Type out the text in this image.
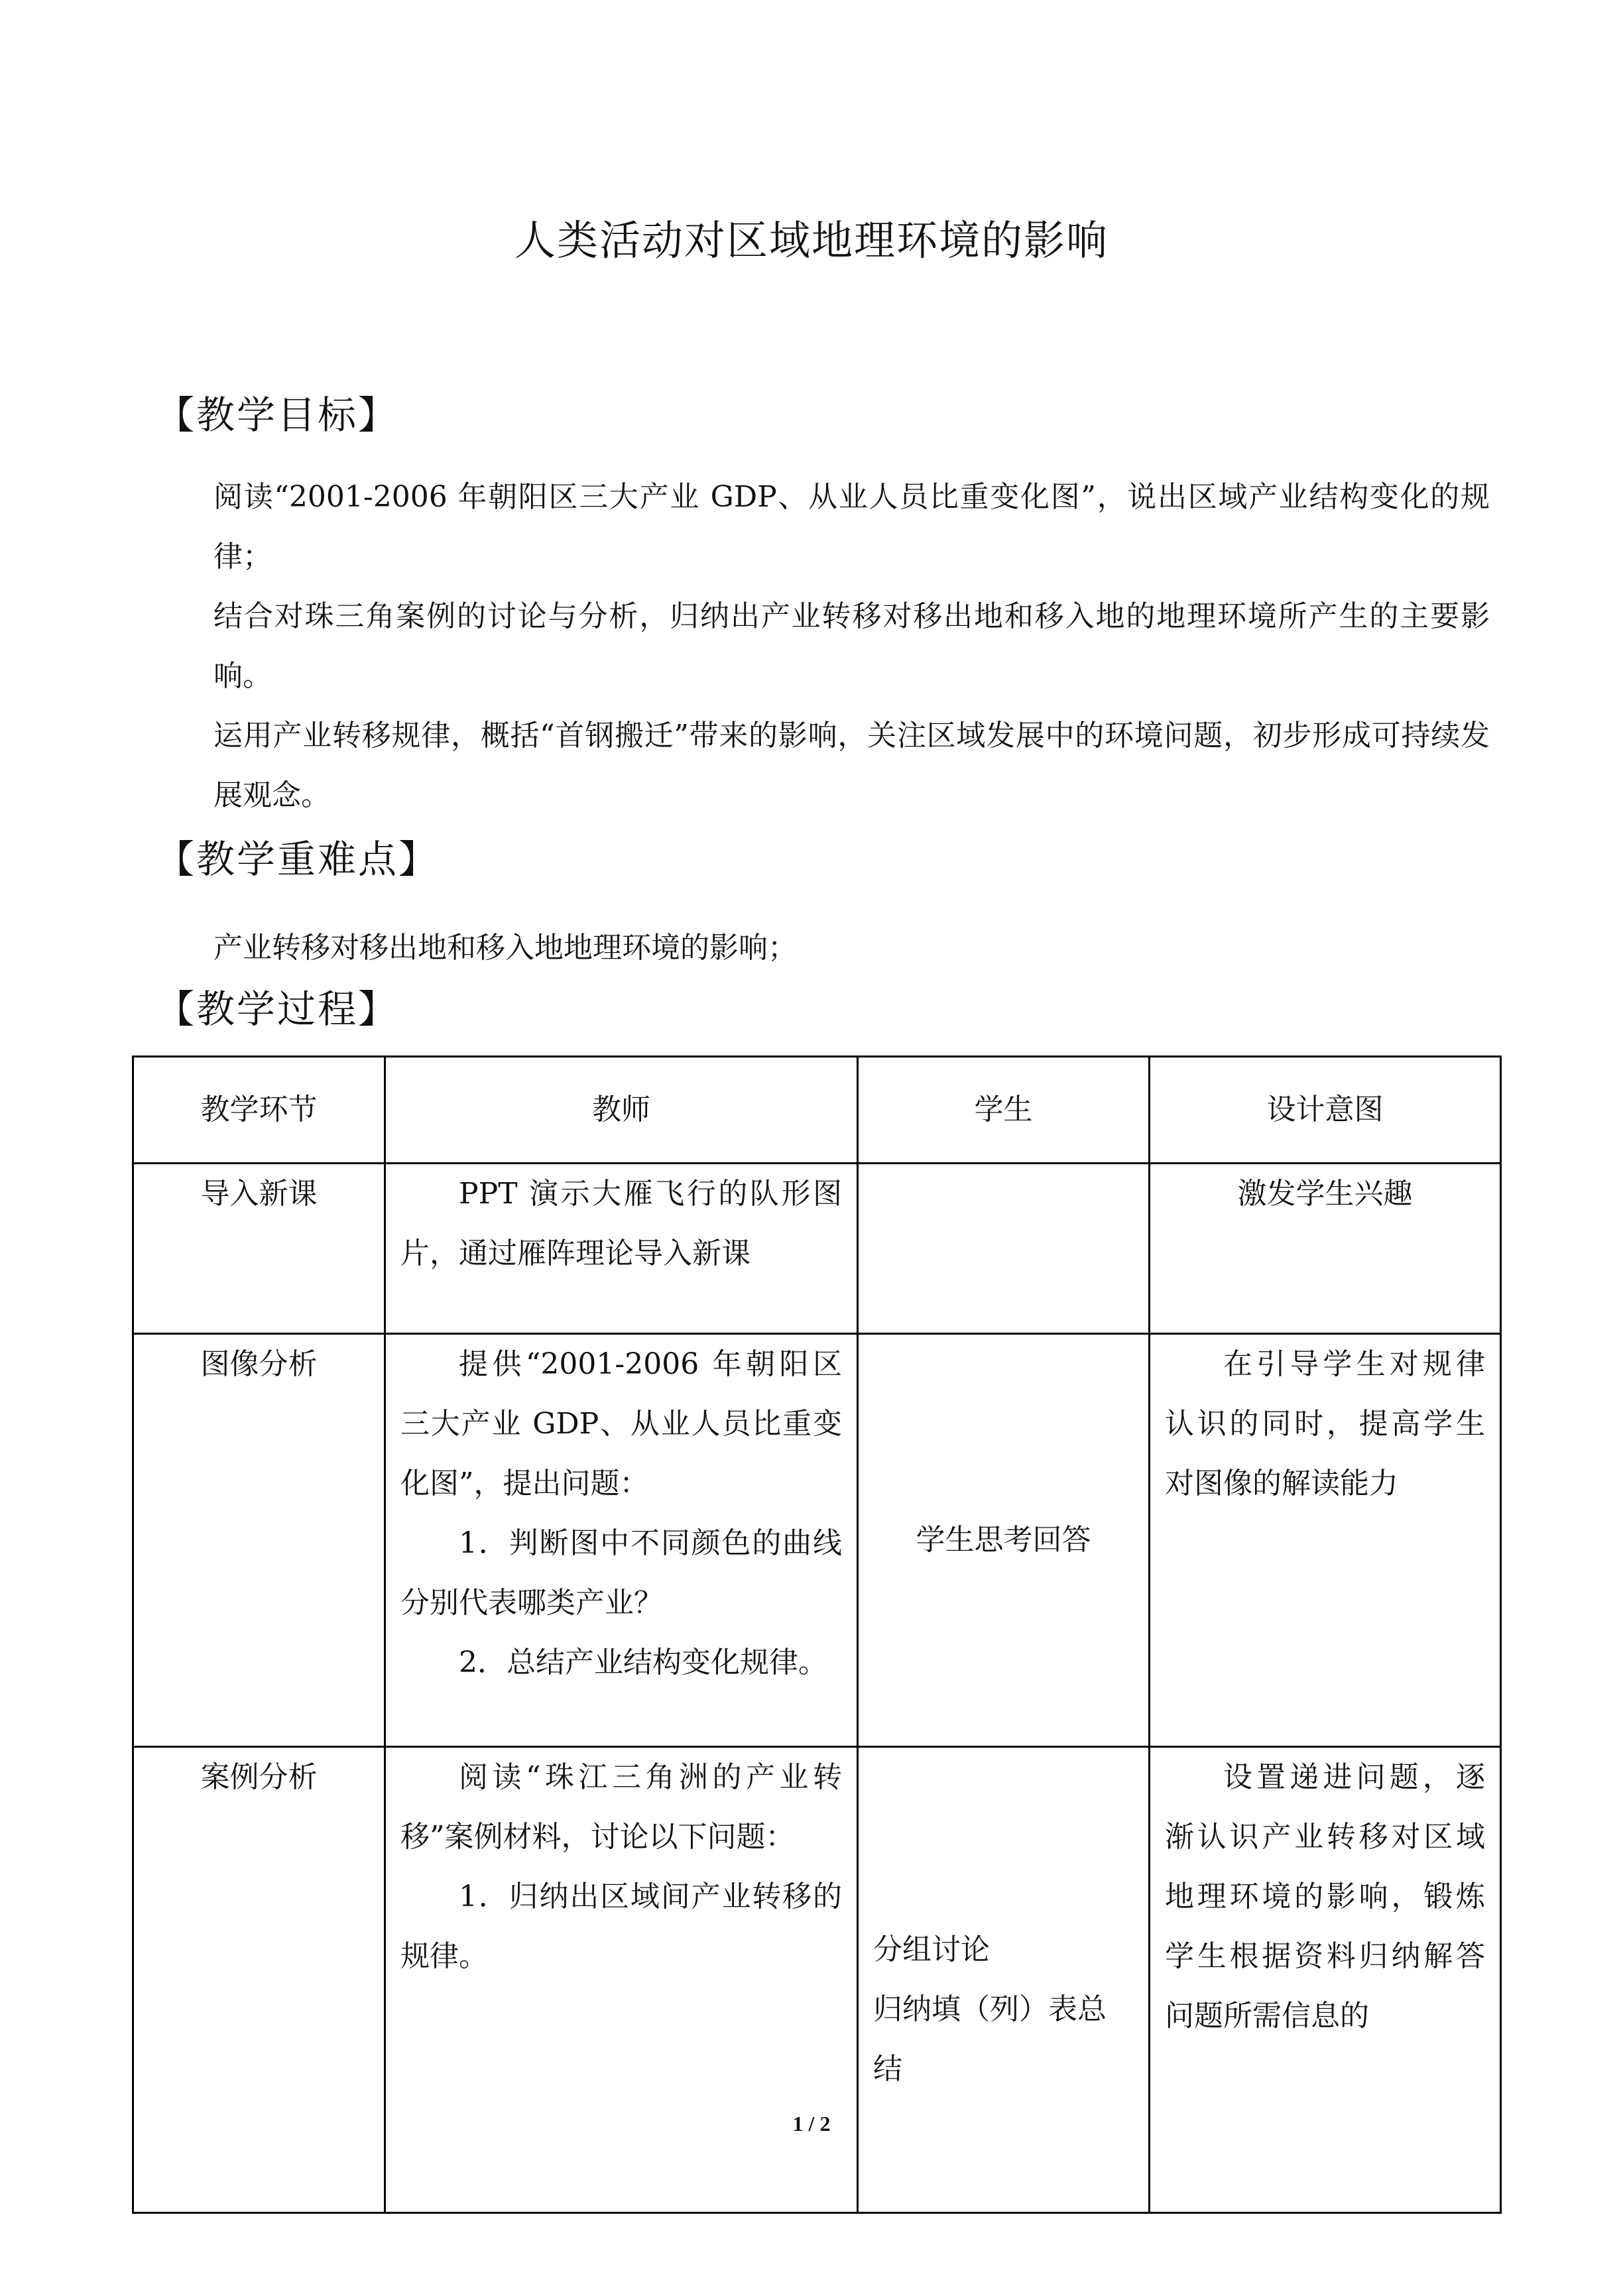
人类活动对区域地理环境的影响
【教学目标】
阅读“2001-2006 年朝阳区三大产业 GDP、从业人员比重变化图”，说出区域产业结构变化的规律；
结合对珠三角案例的讨论与分析，归纳出产业转移对移出地和移入地的地理环境所产生的主要影响。
运用产业转移规律，概括“首钢搬迁”带来的影响，关注区域发展中的环境问题，初步形成可持续发展观念。
【教学重难点】
产业转移对移出地和移入地地理环境的影响；
【教学过程】
教学环节	教师	学生	设计意图
导入新课	PPT 演示大雁飞行的队形图片，通过雁阵理论导入新课		激发学生兴趣
图像分析	提供“2001-2006 年朝阳区三大产业 GDP、从业人员比重变化图”，提出问题：
1．判断图中不同颜色的曲线分别代表哪类产业？
2．总结产业结构变化规律。	学生思考回答	在引导学生对规律认识的同时，提高学生对图像的解读能力

案例分析	阅读“珠江三角洲的产业转移”案例材料，讨论以下问题：
1．归纳出区域间产业转移的规律。	分组讨论
归纳填（列）表总结	设置递进问题，逐渐认识产业转移对区域地理环境的影响，锻炼学生根据资料归纳解答问题所需信息的
1 / 2
